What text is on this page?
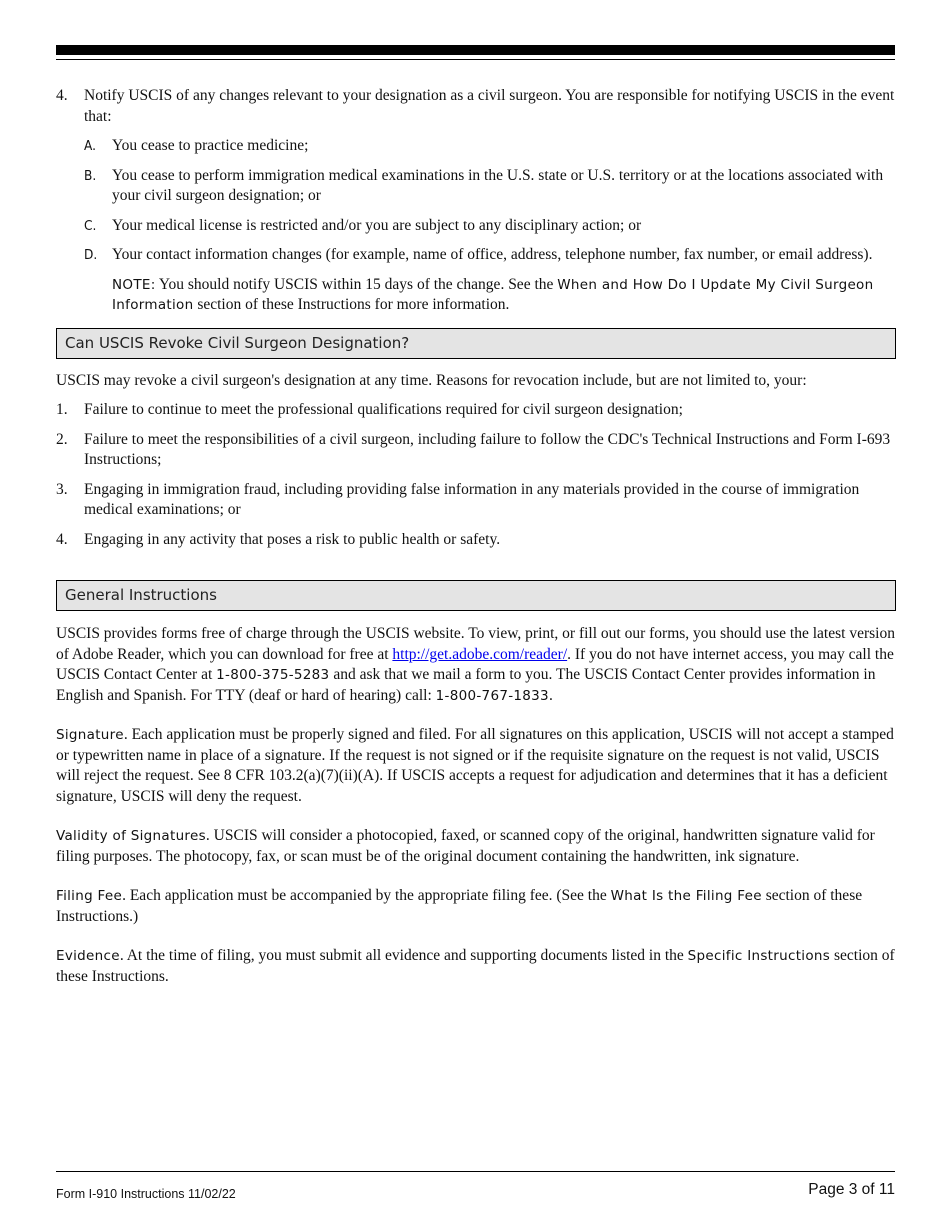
4.	Notify USCIS of any changes relevant to your designation as a civil surgeon. You are responsible for notifying USCIS in the event that:
A.	You cease to practice medicine;
B.	You cease to perform immigration medical examinations in the U.S. state or U.S. territory or at the locations associated with your civil surgeon designation; or
C.	Your medical license is restricted and/or you are subject to any disciplinary action; or
D. Your contact information changes (for example, name of office, address, telephone number, fax number, or email address).

NOTE: You should notify USCIS within 15 days of the change. See the When and How Do I Update My Civil Surgeon Information section of these Instructions for more information.

Can USCIS Revoke Civil Surgeon Designation?

USCIS may revoke a civil surgeon's designation at any time. Reasons for revocation include, but are not limited to, your:

1.	Failure to continue to meet the professional qualifications required for civil surgeon designation;
2.	Failure to meet the responsibilities of a civil surgeon, including failure to follow the CDC's Technical Instructions and Form I-693 Instructions;
3.	Engaging in immigration fraud, including providing false information in any materials provided in the course of immigration medical examinations; or
4.	Engaging in any activity that poses a risk to public health or safety.
General Instructions

USCIS provides forms free of charge through the USCIS website. To view, print, or fill out our forms, you should use the latest version of Adobe Reader, which you can download for free at http://get.adobe.com/reader/. If you do not have internet access, you may call the USCIS Contact Center at 1-800-375-5283 and ask that we mail a form to you. The USCIS Contact Center provides information in English and Spanish. For TTY (deaf or hard of hearing) call: 1-800-767-1833.

Signature. Each application must be properly signed and filed. For all signatures on this application, USCIS will not accept a stamped or typewritten name in place of a signature. If the request is not signed or if the requisite signature on the request is not valid, USCIS will reject the request. See 8 CFR 103.2(a)(7)(ii)(A). If USCIS accepts a request for adjudication and determines that it has a deficient signature, USCIS will deny the request.

Validity of Signatures. USCIS will consider a photocopied, faxed, or scanned copy of the original, handwritten signature valid for filing purposes. The photocopy, fax, or scan must be of the original document containing the handwritten, ink signature.

Filing Fee. Each application must be accompanied by the appropriate filing fee. (See the What Is the Filing Fee section of these Instructions.)

Evidence. At the time of filing, you must submit all evidence and supporting documents listed in the Specific Instructions section of these Instructions.

Form I-910 Instructions 11/02/22	Page 3 of 11
